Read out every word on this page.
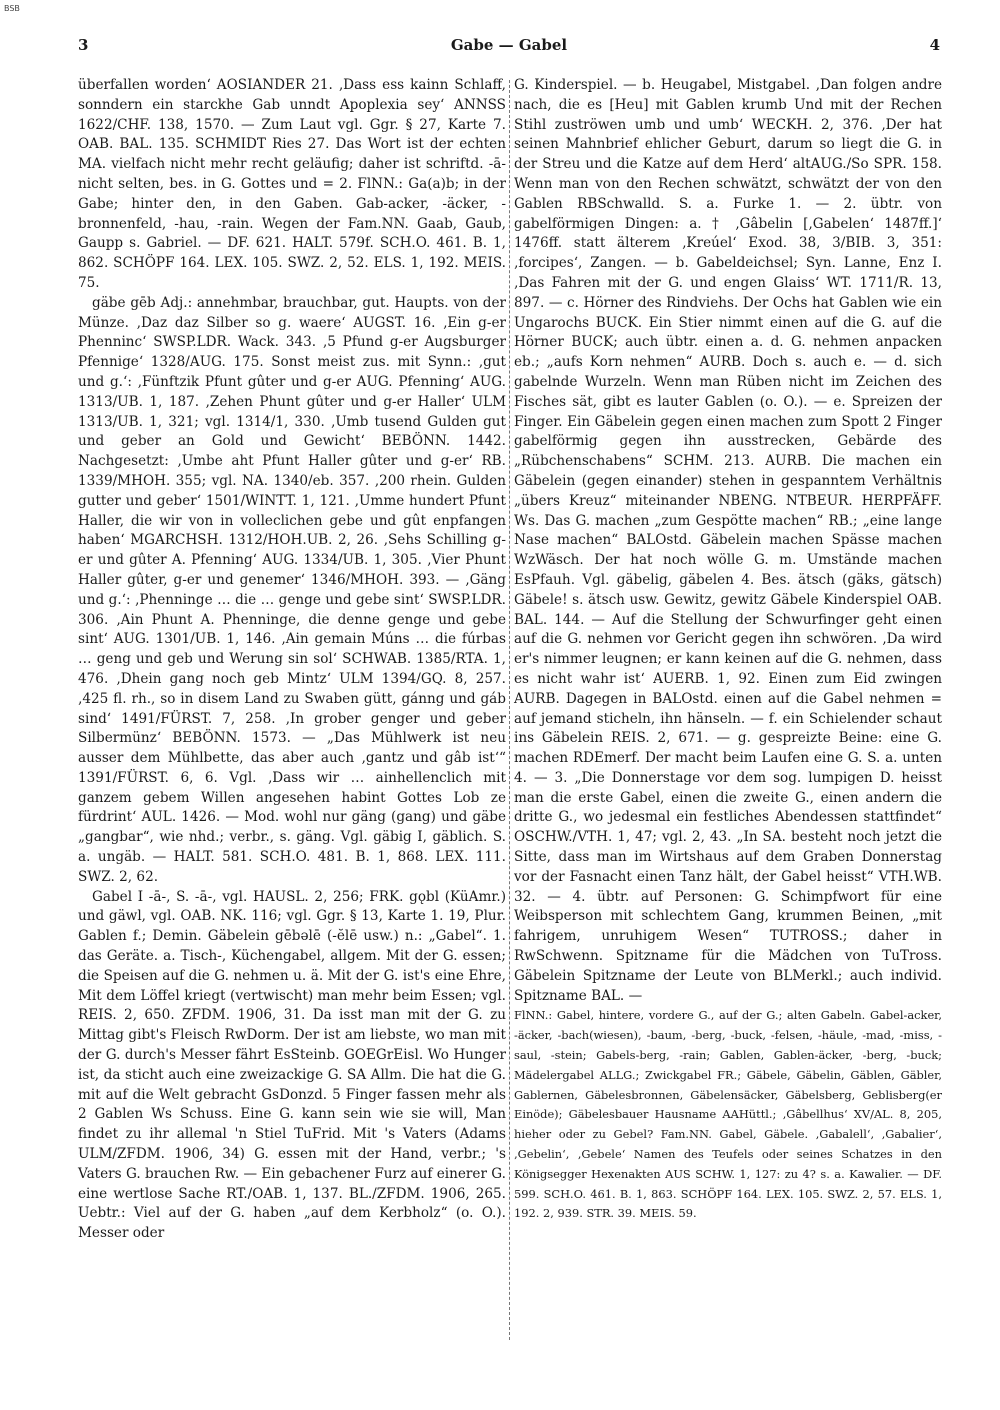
BSB
3	Gabe — Gabel	4

überfallen worden‘ AOSIANDER 21. ‚Dass ess kainn Schlaff, sonndern ein starckhe Gab unndt Apoplexia sey‘ ANNSS 1622/CHF. 138, 1570. — Zum Laut vgl. Ggr. § 27, Karte 7. OAB. BAL. 135. SCHMIDT Ries 27. Das Wort ist der echten MA. vielfach nicht mehr recht geläufig; daher ist schriftd. -ā- nicht selten, bes. in G. Gottes und = 2. FlNN.: Ga(a)b; in der Gabe; hinter den, in den Gaben. Gab-acker, -äcker, -bronnenfeld, -hau, -rain. Wegen der Fam.NN. Gaab, Gaub, Gaupp s. Gabriel. — DF. 621. HALT. 579f. SCH.O. 461. B. 1, 862. SCHÖPF 164. LEX. 105. SWZ. 2, 52. ELS. 1, 192. MEIS. 75.

gäbe gēb Adj.: annehmbar, brauchbar, gut. Haupts. von der Münze. ‚Daz daz Silber so g. waere‘ AUGST. 16. ‚Ein g-er Phenninc‘ SWSP.LDR. Wack. 343. ‚5 Pfund g-er Augsburger Pfennige‘ 1328/AUG. 175. Sonst meist zus. mit Synn.: ‚gut und g.‘: ‚Fünftzik Pfunt gûter und g-er AUG. Pfenning‘ AUG. 1313/UB. 1, 187. ‚Zehen Phunt gûter und g-er Haller‘ ULM 1313/UB. 1, 321; vgl. 1314/1, 330. ‚Umb tusend Gulden gut und geber an Gold und Gewicht‘ BEBÖNN. 1442. Nachgesetzt: ‚Umbe aht Pfunt Haller gûter und g-er‘ RB. 1339/MHOH. 355; vgl. NA. 1340/eb. 357. ‚200 rhein. Gulden gutter und geber‘ 1501/WINTT. 1, 121. ‚Umme hundert Pfunt Haller, die wir von in volleclichen gebe und gût enpfangen haben‘ MGARCHSH. 1312/HOH.UB. 2, 26. ‚Sehs Schilling g-er und gûter A. Pfenning‘ AUG. 1334/UB. 1, 305. ‚Vier Phunt Haller gûter, g-er und genemer‘ 1346/MHOH. 393. — ‚Gäng und g.‘: ‚Phenninge … die … genge und gebe sint‘ SWSP.LDR. 306. ‚Ain Phunt A. Phenninge, die denne genge und gebe sint‘ AUG. 1301/UB. 1, 146. ‚Ain gemain Múns … die fúrbas … geng und geb und Werung sin sol‘ SCHWAB. 1385/RTA. 1, 476. ‚Dhein gang noch geb Mintz‘ ULM 1394/GQ. 8, 257. ‚425 fl. rh., so in disem Land zu Swaben gütt, gánng und gáb sind‘ 1491/FÜRST. 7, 258. ‚In grober genger und geber Silbermünz‘ BEBÖNN. 1573. — „Das Mühlwerk ist neu ausser dem Mühlbette, das aber auch ‚gantz und gâb ist‘“ 1391/FÜRST. 6, 6. Vgl. ‚Dass wir … ainhellenclich mit ganzem gebem Willen angesehen habint Gottes Lob ze fürdrint‘ AUL. 1426. — Mod. wohl nur gäng (gang) und gäbe „gangbar“, wie nhd.; verbr., s. gäng. Vgl. gäbig I, gäblich. S. a. ungäb. — HALT. 581. SCH.O. 481. B. 1, 868. LEX. 111. SWZ. 2, 62.

Gabel I -ā-, S. -ā-, vgl. HAUSL. 2, 256; FRK. gǫbl (KüAmr.) und gäwl, vgl. OAB. NK. 116; vgl. Ggr. § 13, Karte 1. 19, Plur. Gablen f.; Demin. Gäbelein gēbəlē (-ĕlē usw.) n.: „Gabel“. 1. das Geräte. a. Tisch-, Küchengabel, allgem. Mit der G. essen; die Speisen auf die G. nehmen u. ä. Mit der G. ist's eine Ehre, Mit dem Löffel kriegt (vertwischt) man mehr beim Essen; vgl. REIS. 2, 650. ZFDM. 1906, 31. Da isst man mit der G. zu Mittag gibt's Fleisch RwDorm. Der ist am liebste, wo man mit der G. durch's Messer fährt EsSteinb. GOEGrEisl. Wo Hunger ist, da sticht auch eine zweizackige G. SA Allm. Die hat die G. mit auf die Welt gebracht GsDonzd. 5 Finger fassen mehr als 2 Gablen Ws Schuss. Eine G. kann sein wie sie will, Man findet zu ihr allemal 'n Stiel TuFrid. Mit 's Vaters (Adams ULM/ZFDM. 1906, 34) G. essen mit der Hand, verbr.; 's Vaters G. brauchen Rw. — Ein gebachener Furz auf einerer G. eine wertlose Sache RT./OAB. 1, 137. BL./ZFDM. 1906, 265. Uebtr.: Viel auf der G. haben „auf dem Kerbholz“ (o. O.). Messer oder

G. Kinderspiel. — b. Heugabel, Mistgabel. ‚Dan folgen andre nach, die es [Heu] mit Gablen krumb Und mit der Rechen Stihl zuströwen umb und umb‘ WECKH. 2, 376. ‚Der hat seinen Mahnbrief ehlicher Geburt, darum so liegt die G. in der Streu und die Katze auf dem Herd‘ altAUG./So SPR. 158. Wenn man von den Rechen schwätzt, schwätzt der von den Gablen RBSchwalld. S. a. Furke 1. — 2. übtr. von gabelförmigen Dingen: a. † ‚Gâbelin [‚Gabelen‘ 1487ff.]‘ 1476ff. statt älterem ‚Kreúel‘ Exod. 38, 3/BIB. 3, 351: ‚forcipes‘, Zangen. — b. Gabeldeichsel; Syn. Lanne, Enz I. ‚Das Fahren mit der G. und engen Glaiss‘ WT. 1711/R. 13, 897. — c. Hörner des Rindviehs. Der Ochs hat Gablen wie ein Ungarochs BUCK. Ein Stier nimmt einen auf die G. auf die Hörner BUCK; auch übtr. einen a. d. G. nehmen anpacken eb.; „aufs Korn nehmen“ AURB. Doch s. auch e. — d. sich gabelnde Wurzeln. Wenn man Rüben nicht im Zeichen des Fisches sät, gibt es lauter Gablen (o. O.). — e. Spreizen der Finger. Ein Gäbelein gegen einen machen zum Spott 2 Finger gabelförmig gegen ihn ausstrecken, Gebärde des „Rübchenschabens“ SCHM. 213. AURB. Die machen ein Gäbelein (gegen einander) stehen in gespanntem Verhältnis „übers Kreuz“ miteinander NBENG. NTBEUR. HERPFÄFF. Ws. Das G. machen „zum Gespötte machen“ RB.; „eine lange Nase machen“ BALOstd. Gäbelein machen Spässe machen WzWäsch. Der hat noch wölle G. m. Umstände machen EsPfauh. Vgl. gäbelig, gäbelen 4. Bes. ätsch (gäks, gätsch) Gäbele! s. ätsch usw. Gewitz, gewitz Gäbele Kinderspiel OAB. BAL. 144. — Auf die Stellung der Schwurfinger geht einen auf die G. nehmen vor Gericht gegen ihn schwören. ‚Da wird er's nimmer leugnen; er kann keinen auf die G. nehmen, dass es nicht wahr ist‘ AUERB. 1, 92. Einen zum Eid zwingen AURB. Dagegen in BALOstd. einen auf die Gabel nehmen = auf jemand sticheln, ihn hänseln. — f. ein Schielender schaut ins Gäbelein REIS. 2, 671. — g. gespreizte Beine: eine G. machen RDEmerf. Der macht beim Laufen eine G. S. a. unten 4. — 3. „Die Donnerstage vor dem sog. lumpigen D. heisst man die erste Gabel, einen die zweite G., einen andern die dritte G., wo jedesmal ein festliches Abendessen stattfindet“ OSCHW./VTH. 1, 47; vgl. 2, 43. „In SA. besteht noch jetzt die Sitte, dass man im Wirtshaus auf dem Graben Donnerstag vor der Fasnacht einen Tanz hält, der Gabel heisst“ VTH.WB. 32. — 4. übtr. auf Personen: G. Schimpfwort für eine Weibsperson mit schlechtem Gang, krummen Beinen, „mit fahrigem, unruhigem Wesen“ TUTROSS.; daher in RwSchwenn. Spitzname für die Mädchen von TuTross. Gäbelein Spitzname der Leute von BLMerkl.; auch individ. Spitzname BAL. —

FlNN.: Gabel, hintere, vordere G., auf der G.; alten Gabeln. Gabel-acker, -äcker, -bach(wiesen), -baum, -berg, -buck, -felsen, -häule, -mad, -miss, -saul, -stein; Gabels-berg, -rain; Gablen, Gablen-äcker, -berg, -buck; Mädelergabel ALLG.; Zwickgabel FR.; Gäbele, Gäbelin, Gäblen, Gäbler, Gablernen, Gäbelesbronnen, Gäbelensäcker, Gäbelsberg, Geblisberg(er Einöde); Gäbelesbauer Hausname AAHüttl.; ‚Gâbellhus‘ XV/AL. 8, 205, hieher oder zu Gebel? Fam.NN. Gabel, Gäbele. ‚Gabalell‘, ‚Gabalier‘, ‚Gebelin‘, ‚Gebele‘ Namen des Teufels oder seines Schatzes in den Königsegger Hexenakten AUS SCHW. 1, 127: zu 4? s. a. Kawalier. — DF. 599. SCH.O. 461. B. 1, 863. SCHÖPF 164. LEX. 105. SWZ. 2, 57. ELS. 1, 192. 2, 939. STR. 39. MEIS. 59.
